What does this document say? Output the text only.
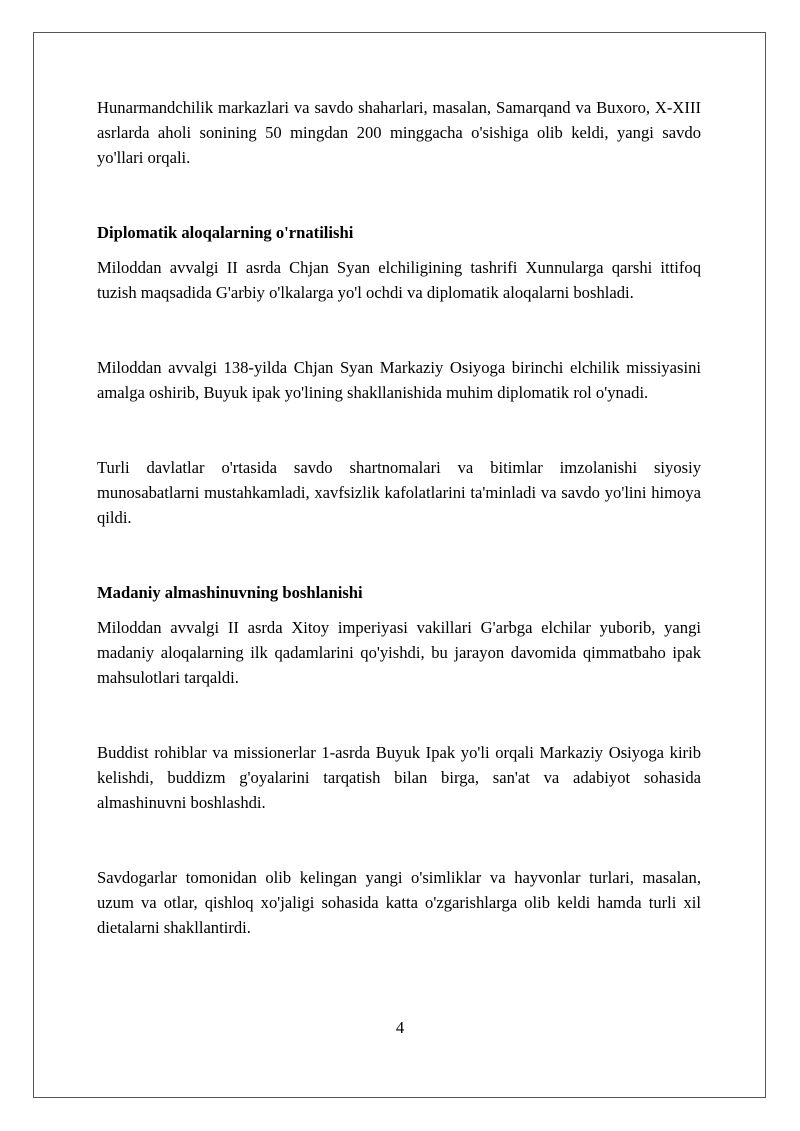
Hunarmandchilik markazlari va savdo shaharlari, masalan, Samarqand va Buxoro, X-XIII asrlarda aholi sonining 50 mingdan 200 minggacha o'sishiga olib keldi, yangi savdo yo'llari orqali.

Diplomatik aloqalarning o'rnatilishi

Miloddan avvalgi II asrda Chjan Syan elchiligining tashrifi Xunnularga qarshi ittifoq tuzish maqsadida G'arbiy o'lkalarga yo'l ochdi va diplomatik aloqalarni boshladi.

Miloddan avvalgi 138-yilda Chjan Syan Markaziy Osiyoga birinchi elchilik missiyasini amalga oshirib, Buyuk ipak yo'lining shakllanishida muhim diplomatik rol o'ynadi.

Turli davlatlar o'rtasida savdo shartnomalari va bitimlar imzolanishi siyosiy munosabatlarni mustahkamladi, xavfsizlik kafolatlarini ta'minladi va savdo yo'lini himoya qildi.

Madaniy almashinuvning boshlanishi

Miloddan avvalgi II asrda Xitoy imperiyasi vakillari G'arbga elchilar yuborib, yangi madaniy aloqalarning ilk qadamlarini qo'yishdi, bu jarayon davomida qimmatbaho ipak mahsulotlari tarqaldi.

Buddist rohiblar va missionerlar 1-asrda Buyuk Ipak yo'li orqali Markaziy Osiyoga kirib kelishdi, buddizm g'oyalarini tarqatish bilan birga, san'at va adabiyot sohasida almashinuvni boshlashdi.

Savdogarlar tomonidan olib kelingan yangi o'simliklar va hayvonlar turlari, masalan, uzum va otlar, qishloq xo'jaligi sohasida katta o'zgarishlarga olib keldi hamda turli xil dietalarni shakllantirdi.

4
